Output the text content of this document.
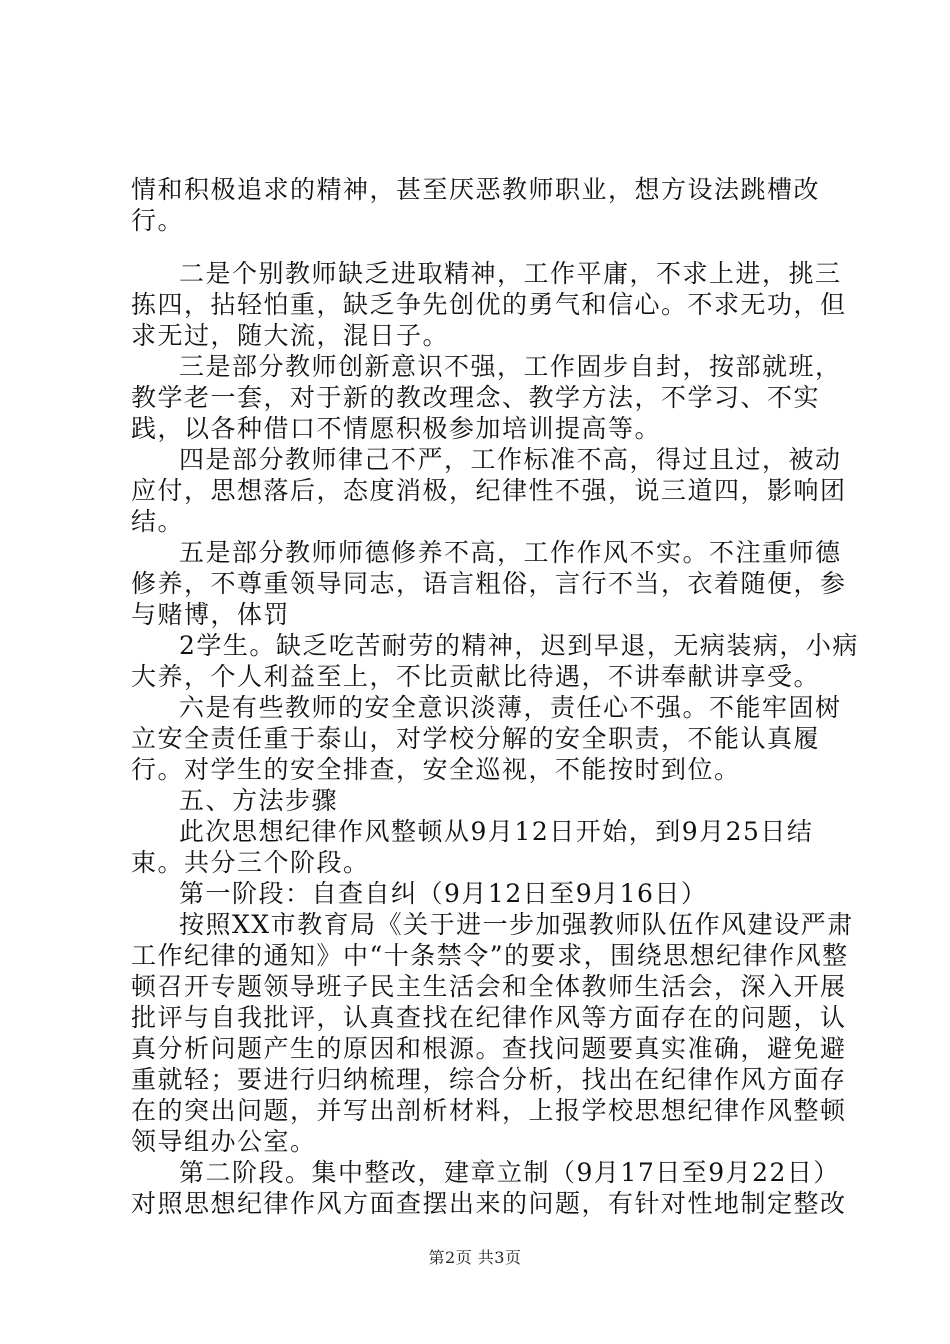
情和积极追求的精神，甚至厌恶教师职业，想方设法跳槽改行。

二是个别教师缺乏进取精神，工作平庸，不求上进，挑三拣四，拈轻怕重，缺乏争先创优的勇气和信心。不求无功，但求无过，随大流，混日子。

三是部分教师创新意识不强，工作固步自封，按部就班，教学老一套，对于新的教改理念、教学方法，不学习、不实践，以各种借口不情愿积极参加培训提高等。

四是部分教师律己不严，工作标准不高，得过且过，被动应付，思想落后，态度消极，纪律性不强，说三道四，影响团结。

五是部分教师师德修养不高，工作作风不实。不注重师德修养，不尊重领导同志，语言粗俗，言行不当，衣着随便，参与赌博，体罚

2学生。缺乏吃苦耐劳的精神，迟到早退，无病装病，小病大养，个人利益至上，不比贡献比待遇，不讲奉献讲享受。

六是有些教师的安全意识淡薄，责任心不强。不能牢固树立安全责任重于泰山，对学校分解的安全职责，不能认真履行。对学生的安全排查，安全巡视，不能按时到位。

五、方法步骤

此次思想纪律作风整顿从9月12日开始，到9月25日结束。共分三个阶段。

第一阶段：自查自纠（9月12日至9月16日）

按照XX市教育局《关于进一步加强教师队伍作风建设严肃工作纪律的通知》中“十条禁令”的要求，围绕思想纪律作风整顿召开专题领导班子民主生活会和全体教师生活会，深入开展批评与自我批评，认真查找在纪律作风等方面存在的问题，认真分析问题产生的原因和根源。查找问题要真实准确，避免避重就轻；要进行归纳梳理，综合分析，找出在纪律作风方面存在的突出问题，并写出剖析材料，上报学校思想纪律作风整顿领导组办公室。

第二阶段。集中整改，建章立制（9月17日至9月22日）

对照思想纪律作风方面查摆出来的问题，有针对性地制定整改

第2页 共3页
